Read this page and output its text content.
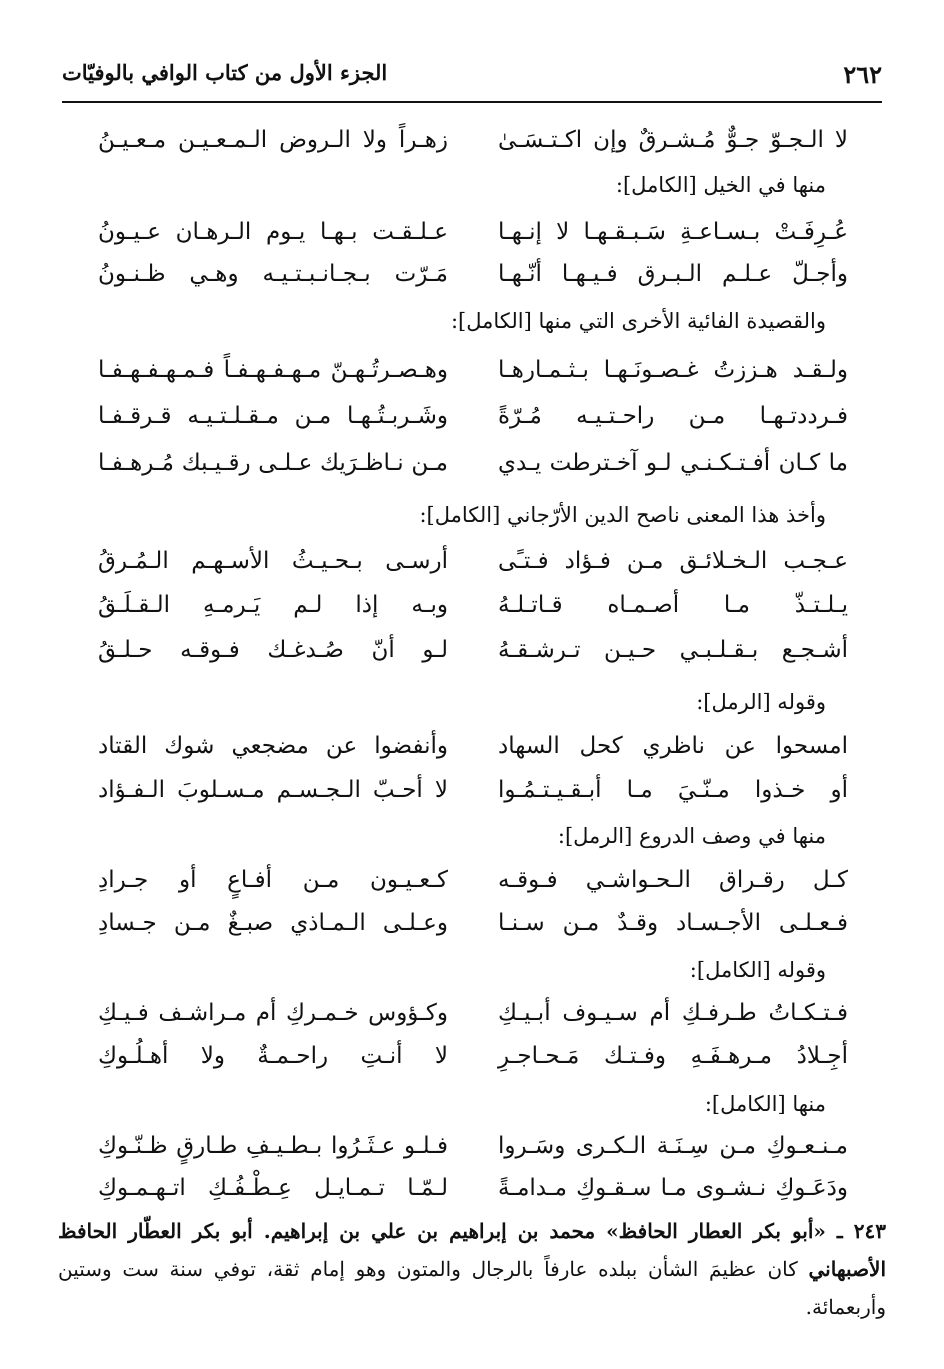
٢٦٢
الجزء الأول من كتاب الوافي بالوفيّات
لا الـجـوّ جـوٌّ مُـشـرقٌ وإن اكـتـسَـىٰ
زهـراً ولا الـروض الـمـعـيـن مـعـيـنُ
منها في الخيل [الكامل]:
عُـرِفَـتْ بـسـاعـةِ سَـبـقـهـا لا إنـهـا
عـلـقـت بـهـا يـوم الـرهـان عـيـونُ
وأجـلّ عـلـم الـبـرق فـيـهـا أنّـهـا
مَـرّت بـجـانـبـتـيـه وهـي ظـنـونُ
والقصيدة الفائية الأخرى التي منها [الكامل]:
ولـقـد هـززتُ غـصـونَـهـا بـثـمـارهـا
وهـصـرتُـهـنّ مـهـفـهـفـاً فـمـهـفـهـفـا
فـرددتـهـا مـن راحـتـيـه مُـرّةً
وشَـربـتُـهـا مـن مـقـلـتـيـه قـرقـفـا
ما كـان أفـتـكـنـي لـو آخـترطت يـدي
مـن نـاظـرَيك عـلـى رقـيـبك مُـرهـفـا
وأخذ هذا المعنى ناصح الدين الأرّجاني [الكامل]:
عـجـب الـخـلائـق مـن فـؤاد فـتـًى
أرسـى بـحـيـثُ الأسـهـم الـمُـرقُ
يـلـتـذّ مـا أصـمـاه قـاتـلـهُ
وبـه إذا لـم يَـرمـهِ الـقـلَـقُ
أشـجـع بـقـلـبـي حـيـن تـرشـقـهُ
لـو أنّ صُـدغـك فـوقـه حـلـقُ
وقوله [الرمل]:
امسحوا عن ناظري كحل السهاد
وأنفضوا عن مضجعي شوك القتاد
أو خـذوا مـنّـيَ مـا أبـقـيـتـمُـوا
لا أحـبّ الـجـسـم مـسـلوبَ الـفـؤاد
منها في وصف الدروع [الرمل]:
كـل رقـراق الـحـواشـي فـوقـه
كـعـيـون مـن أفـاعٍ أو جـرادِ
فـعـلـى الأجـسـاد وقـدٌ مـن سـنـا
وعـلـى الـمـاذي صبـغٌ مـن جـسادِ
وقوله [الكامل]:
فـتـكـاتُ طـرفـكِ أم سـيـوف أبـيـكِ
وكـؤوس خـمـركِ أم مـراشـف فـيـكِ
أجِـلادُ مـرهـفَـهِ وفـتـك مَـحـاجـرِ
لا أنـتِ راحـمـةٌ ولا أهـلُـوكِ
منها [الكامل]:
مـنـعـوكِ مـن سِـنَـة الـكـرى وسَـروا
فـلـو عـثَـرُوا بـطـيـفِ طـارقٍ ظـنّـوكِ
ودَعَـوكِ نـشـوى مـا سـقـوكِ مـدامـةً
لـمّـا تـمـايـل عِـطْـفُـكِ اتـهـمـوكِ
٢٤٣ ـ «أبو بكر العطار الحافظ» محمد بن إبراهيم بن علي بن إبراهيم. أبو بكر العطّار الحافظ الأصبهاني كان عظيمَ الشأن ببلده عارفاً بالرجال والمتون وهو إمام ثقة، توفي سنة ست وستين وأربعمائة.
